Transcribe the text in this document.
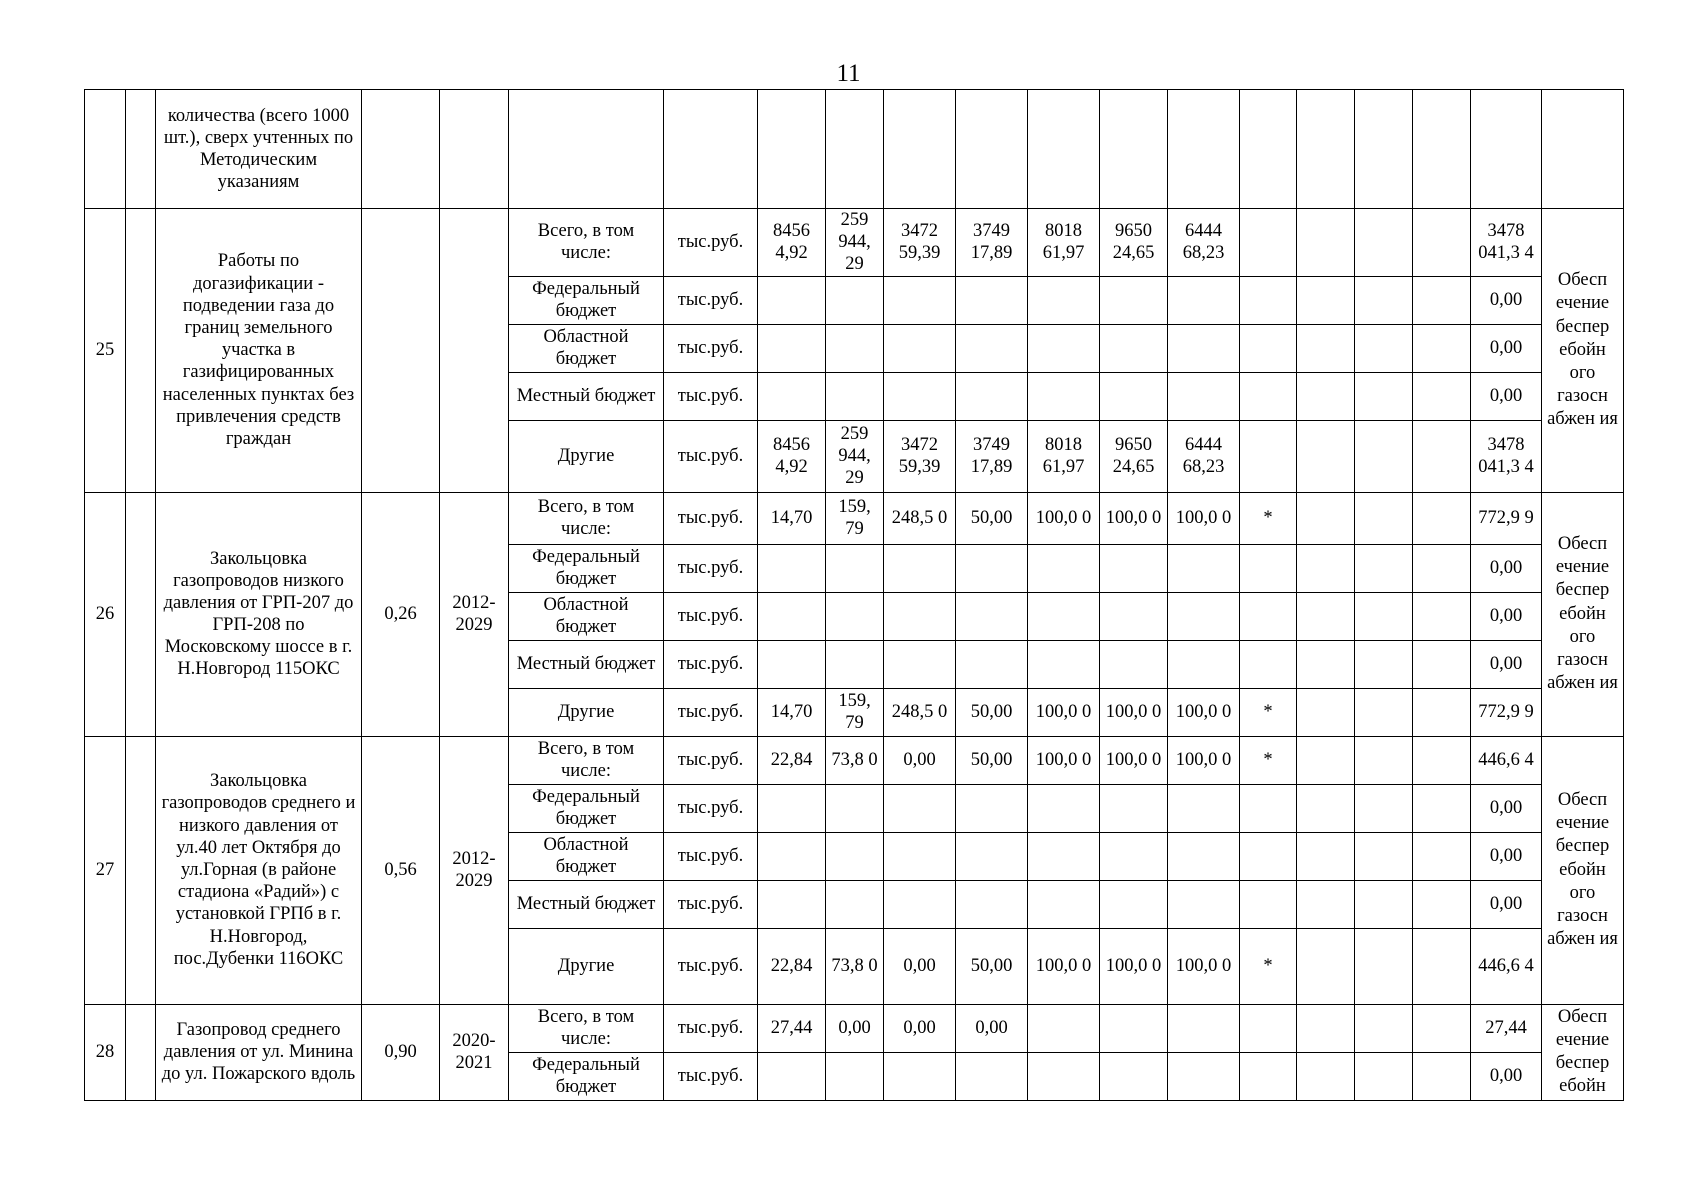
11
		количества (всего 1000 шт.), сверх учтенных по Методическим указаниям																	
25		Работы по догазификации - подведении газа до границ земельного участка в газифицированных населенных пунктах без привлечения средств граждан			Всего, в том числе:	тыс.руб.	8456 4,92	259 944, 29	3472 59,39	3749 17,89	8018 61,97	9650 24,65	6444 68,23					3478 041,3 4	Обесп ечение беспер ебойн ого газосн абжен ия
					Федеральный бюджет	тыс.руб.												0,00	
					Областной бюджет	тыс.руб.												0,00	
					Местный бюджет	тыс.руб.												0,00	
					Другие	тыс.руб.	8456 4,92	259 944, 29	3472 59,39	3749 17,89	8018 61,97	9650 24,65	6444 68,23					3478 041,3 4	
26		Закольцовка газопроводов низкого давления от ГРП-207 до ГРП-208 по Московскому шоссе в г. Н.Новгород 115ОКС	0,26	2012- 2029	Всего, в том числе:	тыс.руб.	14,70	159, 79	248,5 0	50,00	100,0 0	100,0 0	100,0 0	*				772,9 9	Обесп ечение беспер ебойн ого газосн абжен ия
					Федеральный бюджет	тыс.руб.												0,00	
					Областной бюджет	тыс.руб.												0,00	
					Местный бюджет	тыс.руб.												0,00	
					Другие	тыс.руб.	14,70	159, 79	248,5 0	50,00	100,0 0	100,0 0	100,0 0	*				772,9 9	
27		Закольцовка газопроводов среднего и низкого давления от ул.40 лет Октября до ул.Горная (в районе стадиона «Радий») с установкой ГРПб в г. Н.Новгород, пос.Дубенки 116ОКС	0,56	2012- 2029	Всего, в том числе:	тыс.руб.	22,84	73,8 0	0,00	50,00	100,0 0	100,0 0	100,0 0	*				446,6 4	Обесп ечение беспер ебойн ого газосн абжен ия
					Федеральный бюджет	тыс.руб.												0,00	
					Областной бюджет	тыс.руб.												0,00	
					Местный бюджет	тыс.руб.												0,00	
					Другие	тыс.руб.	22,84	73,8 0	0,00	50,00	100,0 0	100,0 0	100,0 0	*				446,6 4	
28		Газопровод среднего давления от ул. Минина до ул. Пожарского вдоль	0,90	2020- 2021	Всего, в том числе:	тыс.руб.	27,44	0,00	0,00	0,00								27,44	Обесп ечение беспер ебойн
					Федеральный бюджет	тыс.руб.												0,00	
